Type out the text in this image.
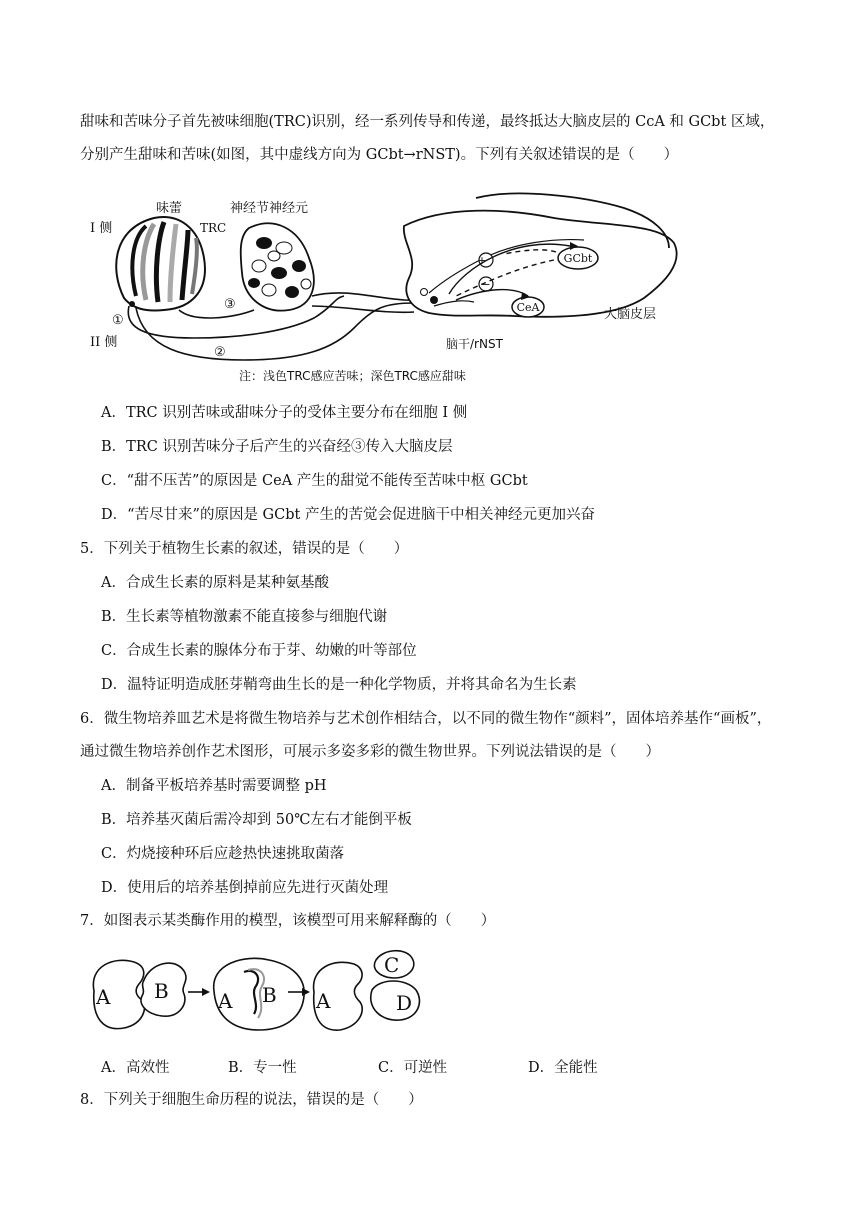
甜味和苦味分子首先被味细胞(TRC)识别，经一系列传导和传递，最终抵达大脑皮层的 CcA 和 GCbt 区域，
分别产生甜味和苦味(如图，其中虚线方向为 GCbt→rNST)。下列有关叙述错误的是（　　）
味蕾	神经节神经元
I 侧	TRC
③
①
II 侧
②
+
−
GCbt
CeA	大脑皮层
脑干/rNST
注：浅色TRC感应苦味；深色TRC感应甜味
A．TRC 识别苦味或甜味分子的受体主要分布在细胞 I 侧
B．TRC 识别苦味分子后产生的兴奋经③传入大脑皮层
C．“甜不压苦”的原因是 CeA 产生的甜觉不能传至苦味中枢 GCbt
D．“苦尽甘来”的原因是 GCbt 产生的苦觉会促进脑干中相关神经元更加兴奋
5．下列关于植物生长素的叙述，错误的是（　　）
A．合成生长素的原料是某种氨基酸
B．生长素等植物激素不能直接参与细胞代谢
C．合成生长素的腺体分布于芽、幼嫩的叶等部位
D．温特证明造成胚芽鞘弯曲生长的是一种化学物质，并将其命名为生长素
6．微生物培养皿艺术是将微生物培养与艺术创作相结合，以不同的微生物作“颜料”，固体培养基作“画板”，
通过微生物培养创作艺术图形，可展示多姿多彩的微生物世界。下列说法错误的是（　　）
A．制备平板培养基时需要调整 pH
B．培养基灭菌后需冷却到 50℃左右才能倒平板
C．灼烧接种环后应趁热快速挑取菌落
D．使用后的培养基倒掉前应先进行灭菌处理
7．如图表示某类酶作用的模型，该模型可用来解释酶的（　　）
A B A B A
C
D
A．高效性	B．专一性	C．可逆性	D．全能性
8．下列关于细胞生命历程的说法，错误的是（　　）
